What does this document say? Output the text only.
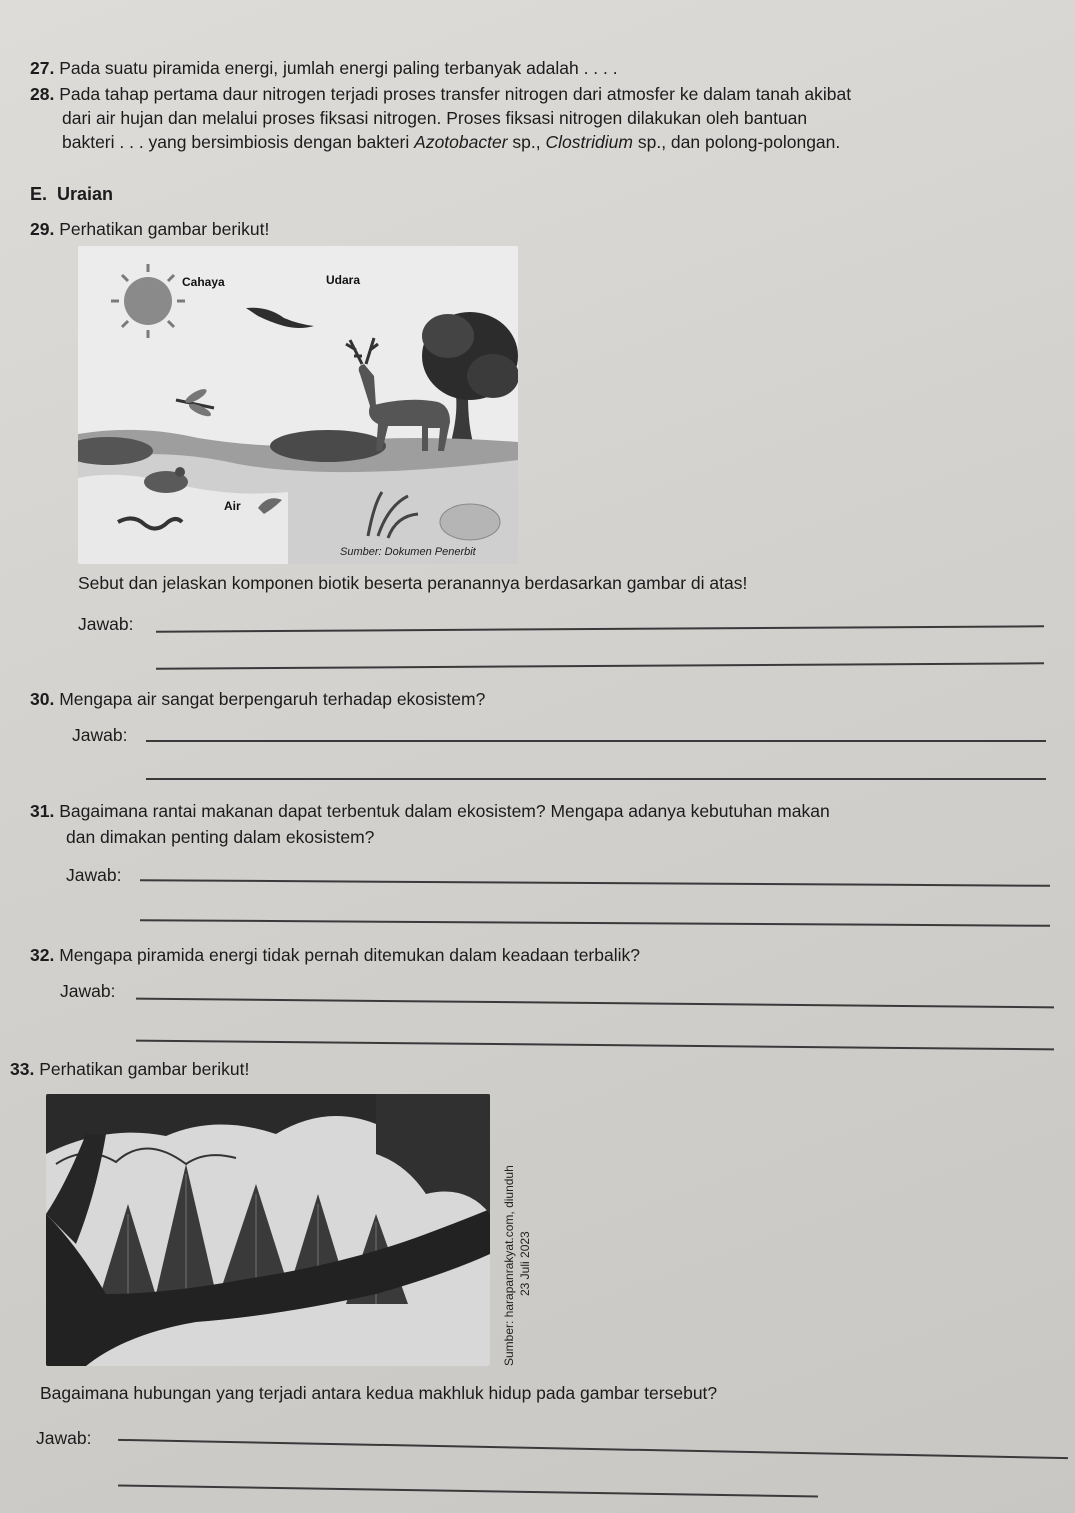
27. Pada suatu piramida energi, jumlah energi paling terbanyak adalah . . . .
28. Pada tahap pertama daur nitrogen terjadi proses transfer nitrogen dari atmosfer ke dalam tanah akibat
dari air hujan dan melalui proses fiksasi nitrogen. Proses fiksasi nitrogen dilakukan oleh bantuan
bakteri . . . yang bersimbiosis dengan bakteri Azotobacter sp., Clostridium sp., dan polong-polongan.
E. Uraian
29. Perhatikan gambar berikut!
Cahaya	Udara
Air
Sumber: Dokumen Penerbit
Sebut dan jelaskan komponen biotik beserta peranannya berdasarkan gambar di atas!
Jawab:
30. Mengapa air sangat berpengaruh terhadap ekosistem?
Jawab:
31. Bagaimana rantai makanan dapat terbentuk dalam ekosistem? Mengapa adanya kebutuhan makan
dan dimakan penting dalam ekosistem?
Jawab:
32. Mengapa piramida energi tidak pernah ditemukan dalam keadaan terbalik?
Jawab:
33. Perhatikan gambar berikut!
Sumber: harapanrakyat.com, diunduh 23 Juli 2023
Bagaimana hubungan yang terjadi antara kedua makhluk hidup pada gambar tersebut?
Jawab:
